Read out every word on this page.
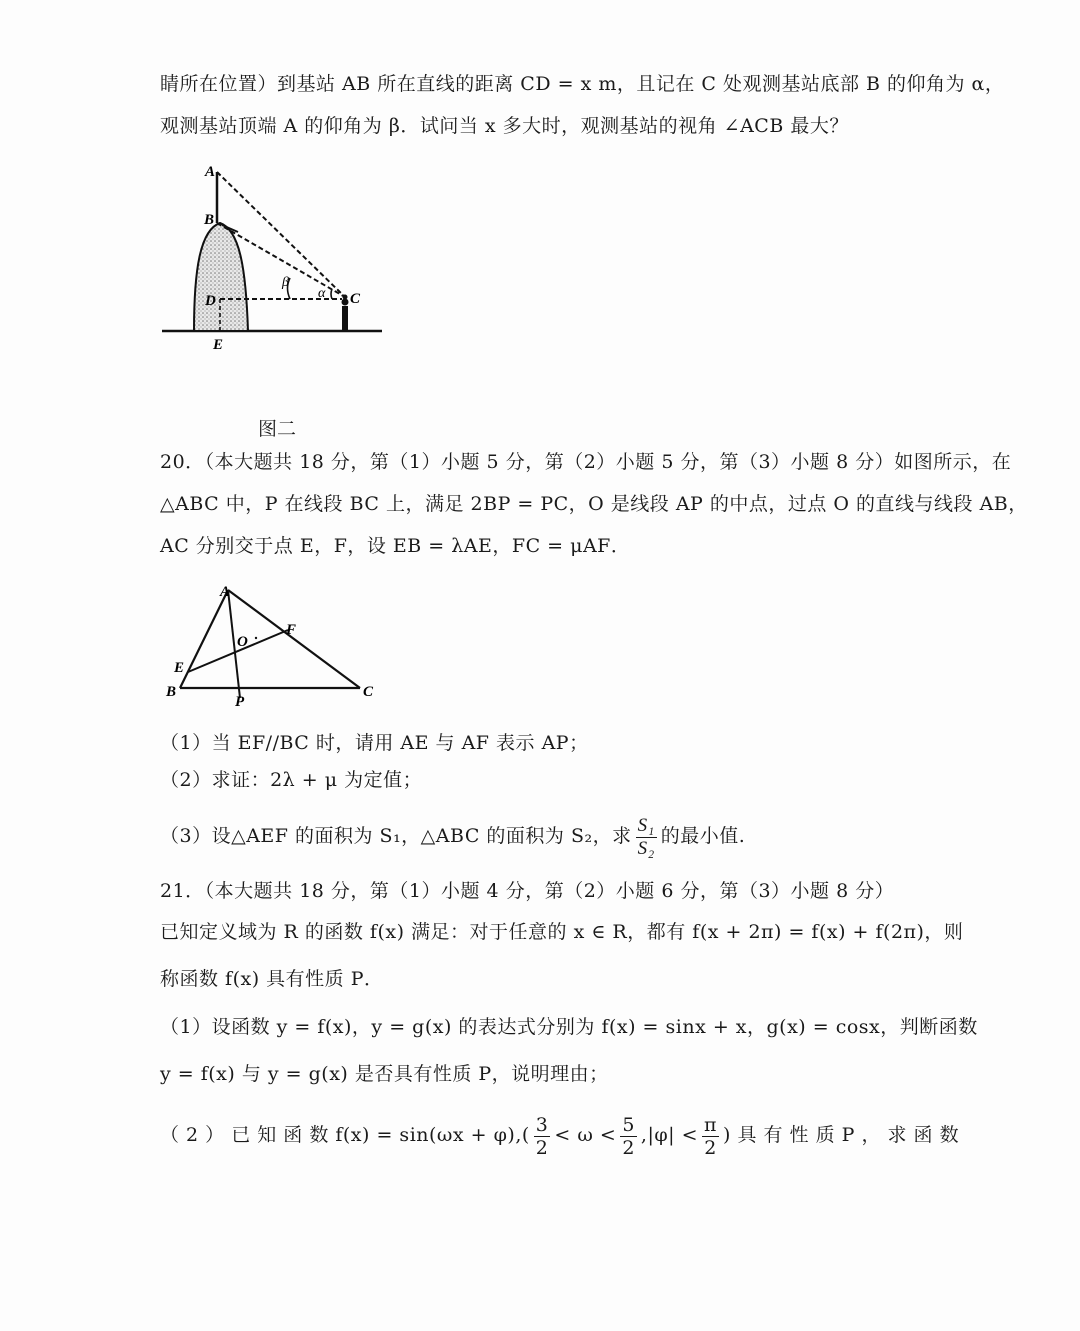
睛所在位置）到基站 AB 所在直线的距离 CD = x m，且记在 C 处观测基站底部 B 的仰角为 α，
观测基站顶端 A 的仰角为 β．试问当 x 多大时，观测基站的视角 ∠ACB 最大？
A
B
D	C
E
β
α
图二
20．（本大题共 18 分，第（1）小题 5 分，第（2）小题 5 分，第（3）小题 8 分）如图所示，在
△ABC 中，P 在线段 BC 上，满足 2BP = PC，O 是线段 AP 的中点，过点 O 的直线与线段 AB，
AC 分别交于点 E，F，设 EB = λAE，FC = μAF．
A
O
F
E
B
P
C
（1）当 EF//BC 时，请用 AE 与 AF 表示 AP；
（2）求证：2λ + μ 为定值；
（3）设△AEF 的面积为 S₁，△ABC 的面积为 S₂，求 $\frac{\text{S₁}}{\text{S₂}}$ 的最小值.
21．（本大题共 18 分，第（1）小题 4 分，第（2）小题 6 分，第（3）小题 8 分）
已知定义域为 R 的函数 f(x) 满足：对于任意的 x ∈ R，都有 f(x + 2π) = f(x) + f(2π)，则
称函数 f(x) 具有性质 P．
（1）设函数 y = f(x)，y = g(x) 的表达式分别为 f(x) = sinx + x，g(x) = cosx，判断函数
y = f(x) 与 y = g(x) 是否具有性质 P，说明理由；
（ 2 ） 已 知 函 数 $f(x) = \sin(\omega x + \varphi),( \frac{3}{2} < \omega < \frac{5}{2} ,|\varphi| < \frac{\pi}{2}$ ) 具 有 性 质 P ， 求 函 数
